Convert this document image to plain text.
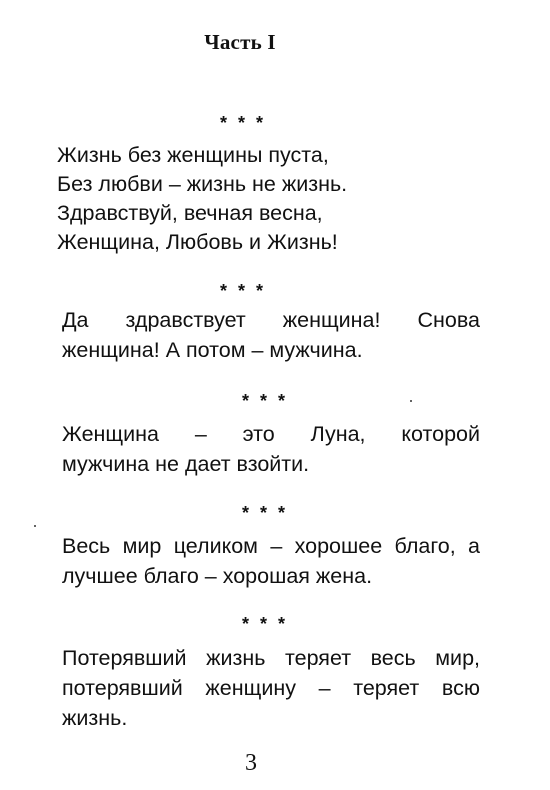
Часть I
* * *
Жизнь без женщины пуста,
Без любви – жизнь не жизнь.
Здравствуй, вечная весна,
Женщина, Любовь и Жизнь!
* * *
Да здравствует женщина! Снова
женщина! А потом – мужчина.
* * *
Женщина – это Луна, которой
мужчина не дает взойти.
* * *
Весь мир целиком – хорошее благо, а
лучшее благо – хорошая жена.
* * *
Потерявший жизнь теряет весь мир,
потерявший женщину – теряет всю
жизнь.
3
